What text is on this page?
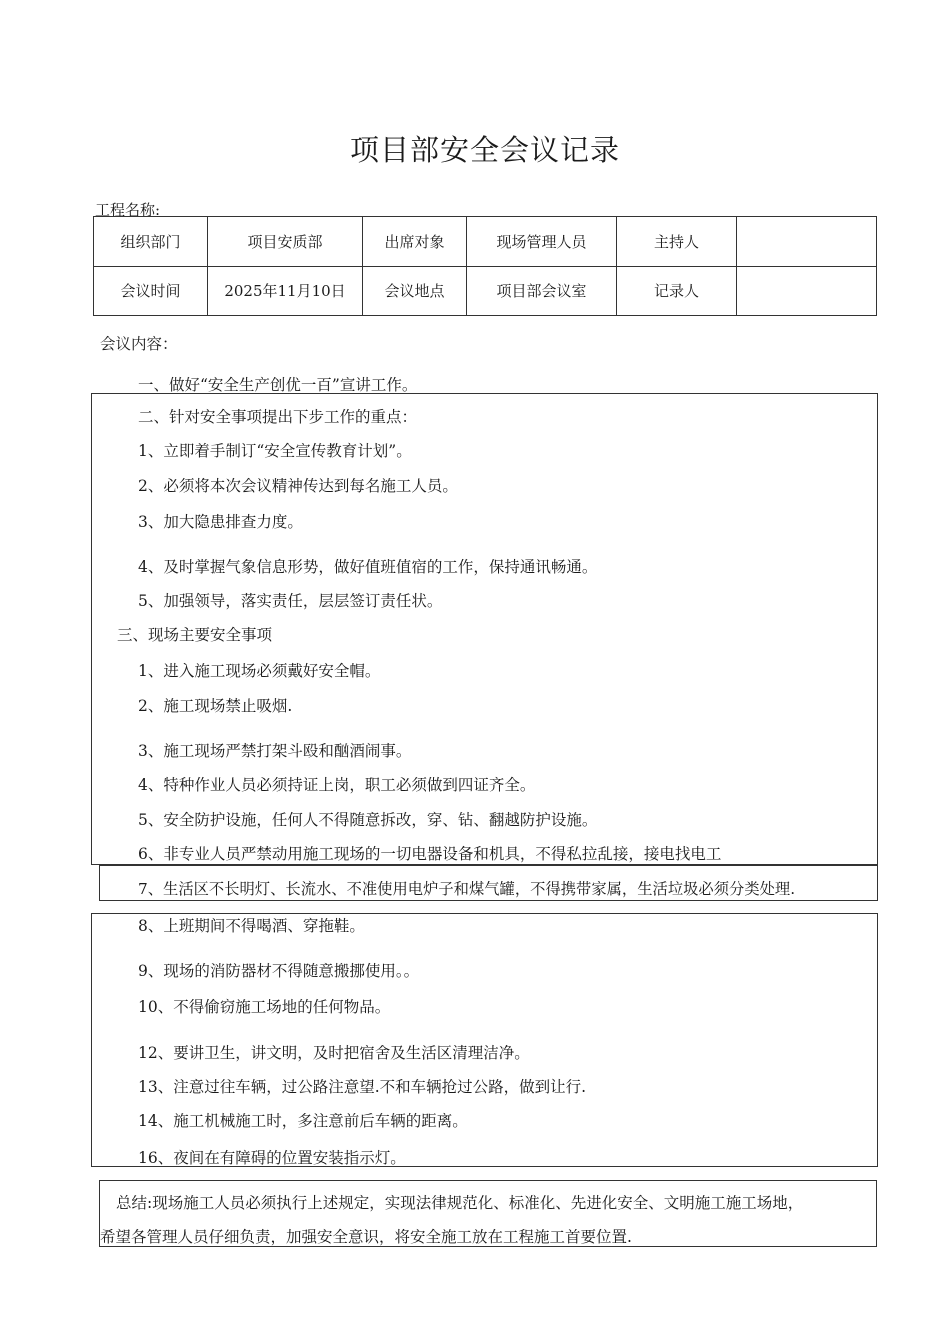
项目部安全会议记录
工程名称:
组织部门	项目安质部	出席对象	现场管理人员	主持人	
会议时间	2025年11月10日	会议地点	项目部会议室	记录人	
会议内容：
一、做好“安全生产创优一百”宣讲工作。
二、针对安全事项提出下步工作的重点：
1、立即着手制订“安全宣传教育计划”。
2、必须将本次会议精神传达到每名施工人员。
3、加大隐患排查力度。
4、及时掌握气象信息形势，做好值班值宿的工作，保持通讯畅通。
5、加强领导，落实责任，层层签订责任状。
三、现场主要安全事项
1、进入施工现场必须戴好安全帽。
2、施工现场禁止吸烟.
3、施工现场严禁打架斗殴和酗酒闹事。
4、特种作业人员必须持证上岗，职工必须做到四证齐全。
5、安全防护设施，任何人不得随意拆改，穿、钻、翻越防护设施。
6、非专业人员严禁动用施工现场的一切电器设备和机具，不得私拉乱接，接电找电工
7、生活区不长明灯、长流水、不准使用电炉子和煤气罐，不得携带家属，生活垃圾必须分类处理.
8、上班期间不得喝酒、穿拖鞋。
9、现场的消防器材不得随意搬挪使用。。
10、不得偷窃施工场地的任何物品。
12、要讲卫生，讲文明，及时把宿舍及生活区清理洁净。
13、注意过往车辆，过公路注意望.不和车辆抢过公路，做到让行.
14、施工机械施工时，多注意前后车辆的距离。
16、夜间在有障碍的位置安装指示灯。
总结:现场施工人员必须执行上述规定，实现法律规范化、标准化、先进化安全、文明施工施工场地，
希望各管理人员仔细负责，加强安全意识，将安全施工放在工程施工首要位置.
